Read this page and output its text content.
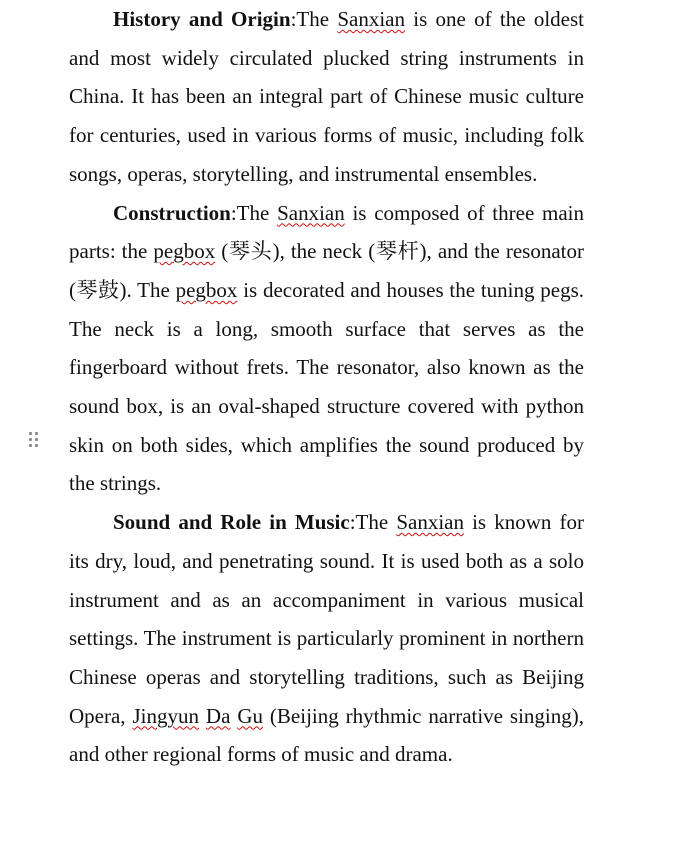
History and Origin:The Sanxian is one of the oldest and most widely circulated plucked string instruments in China. It has been an integral part of Chinese music culture for centuries, used in various forms of music, including folk songs, operas, storytelling, and instrumental ensembles.

Construction:The Sanxian is composed of three main parts: the pegbox (琴头), the neck (琴杆), and the resonator (琴鼓). The pegbox is decorated and houses the tuning pegs. The neck is a long, smooth surface that serves as the fingerboard without frets. The resonator, also known as the sound box, is an oval-shaped structure covered with python skin on both sides, which amplifies the sound produced by the strings.

Sound and Role in Music:The Sanxian is known for its dry, loud, and penetrating sound. It is used both as a solo instrument and as an accompaniment in various musical settings. The instrument is particularly prominent in northern Chinese operas and storytelling traditions, such as Beijing Opera, Jingyun Da Gu (Beijing rhythmic narrative singing), and other regional forms of music and drama.
